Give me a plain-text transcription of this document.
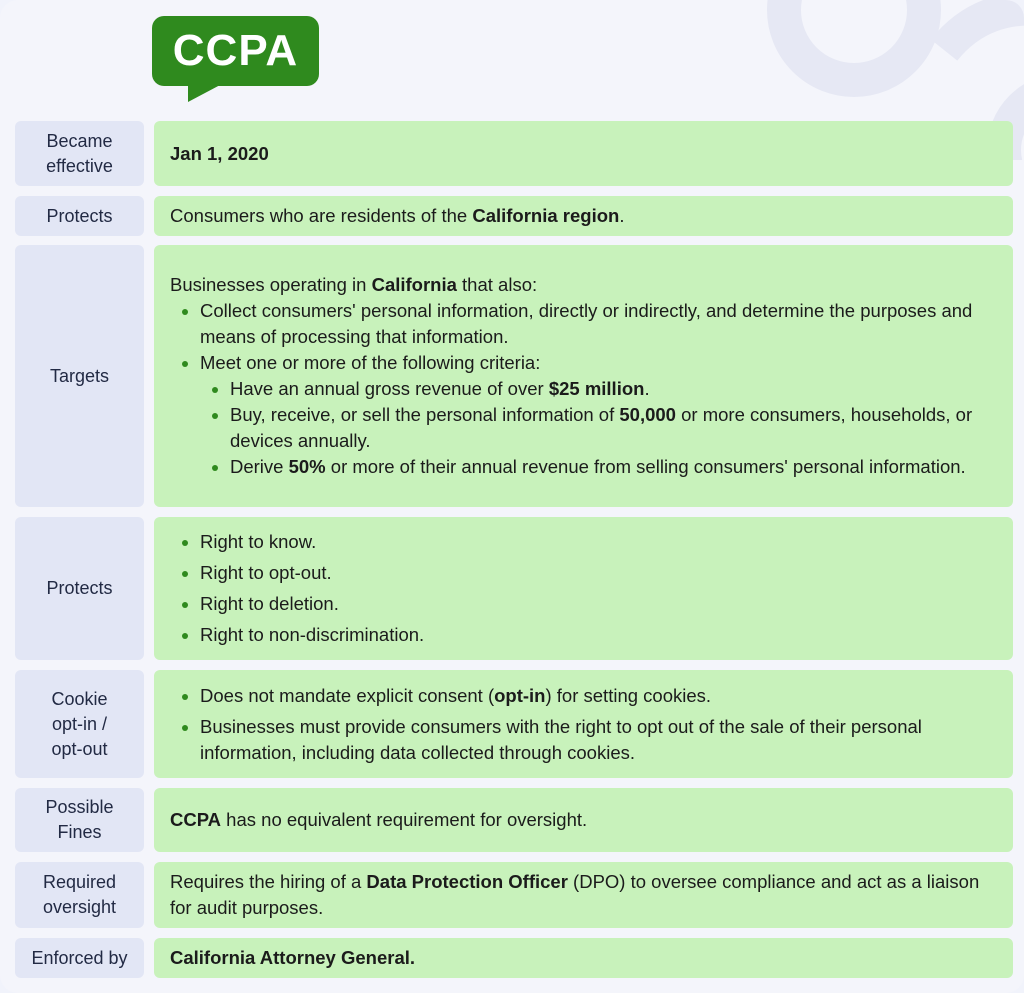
CCPA
Became
effective
Jan 1, 2020
Protects	Consumers who are residents of the California region.
Targets
Businesses operating in California that also:
Collect consumers' personal information, directly or indirectly, and determine the purposes and means of processing that information.
Meet one or more of the following criteria:
Have an annual gross revenue of over $25 million.
Buy, receive, or sell the personal information of 50,000 or more consumers, households, or devices annually.
Derive 50% or more of their annual revenue from selling consumers' personal information.
Protects
Right to know.
Right to opt-out.
Right to deletion.
Right to non-discrimination.
Cookie
opt-in /
opt-out
Does not mandate explicit consent (opt-in) for setting cookies.
Businesses must provide consumers with the right to opt out of the sale of their personal information, including data collected through cookies.
Possible
Fines
CCPA has no equivalent requirement for oversight.
Required
oversight
Requires the hiring of a Data Protection Officer (DPO) to oversee compliance and act as a liaison for audit purposes.
Enforced by	California Attorney General.
